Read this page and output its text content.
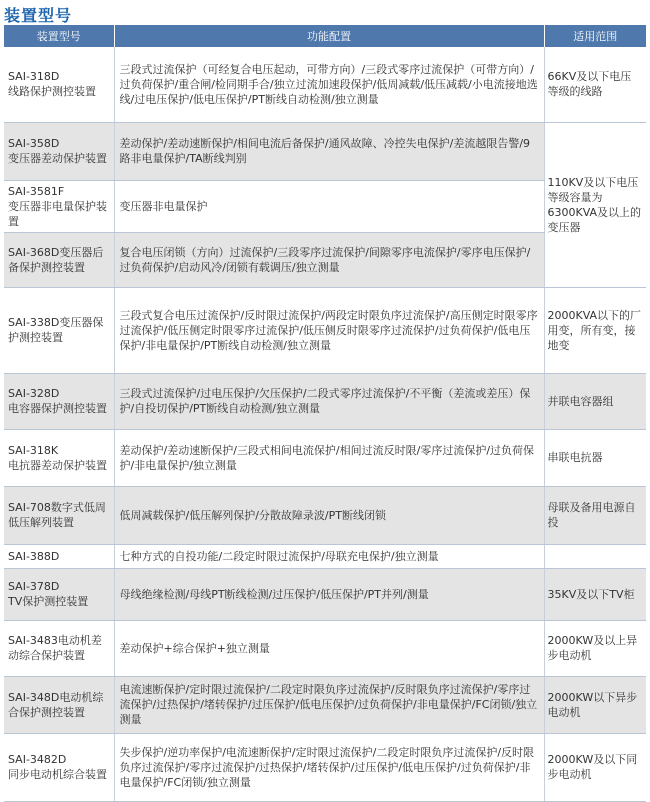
装置型号
装置型号	功能配置	适用范围
SAI-318D
线路保护测控装置	三段式过流保护（可经复合电压起动，可带方向）/三段式零序过流保护（可带方向）/过负荷保护/重合闸/检同期手合/独立过流加速段保护/低周减载/低压减载/小电流接地选线/过电压保护/低电压保护/PT断线自动检测/独立测量	66KV及以下电压等级的线路
SAI-358D
变压器差动保护装置	差动保护/差动速断保护/相间电流后备保护/通风故障、冷控失电保护/差流越限告警/9路非电量保护/TA断线判别	110KV及以下电压等级容量为6300KVA及以上的变压器
SAI-3581F
变压器非电量保护装置	变压器非电量保护	
SAI-368D变压器后备保护测控装置	复合电压闭锁（方向）过流保护/三段零序过流保护/间隙零序电流保护/零序电压保护/过负荷保护/启动风冷/闭锁有载调压/独立测量	
SAI-338D变压器保护测控装置	三段式复合电压过流保护/反时限过流保护/两段定时限负序过流保护/高压侧定时限零序过流保护/低压侧定时限零序过流保护/低压侧反时限零序过流保护/过负荷保护/低电压保护/非电量保护/PT断线自动检测/独立测量	2000KVA以下的厂用变，所有变，接地变
SAI-328D
电容器保护测控装置	三段式过流保护/过电压保护/欠压保护/二段式零序过流保护/不平衡（差流或差压）保护/自投切保护/PT断线自动检测/独立测量	并联电容器组
SAI-318K
电抗器差动保护装置	差动保护/差动速断保护/三段式相间电流保护/相间过流反时限/零序过流保护/过负荷保护/非电量保护/独立测量	串联电抗器
SAI-708数字式低周低压解列装置	低周减载保护/低压解列保护/分散故障录波/PT断线闭锁	母联及备用电源自投
SAI-388D	七种方式的自投功能/二段定时限过流保护/母联充电保护/独立测量	
SAI-378D
TV保护测控装置	母线绝缘检测/母线PT断线检测/过压保护/低压保护/PT并列/测量	35KV及以下TV柜
SAI-3483电动机差动综合保护装置	差动保护+综合保护+独立测量	2000KW及以上异步电动机
SAI-348D电动机综合保护测控装置	电流速断保护/定时限过流保护/二段定时限负序过流保护/反时限负序过流保护/零序过流保护/过热保护/堵转保护/过压保护/低电压保护/过负荷保护/非电量保护/FC闭锁/独立测量	2000KW以下异步电动机
SAI-3482D
同步电动机综合装置	失步保护/逆功率保护/电流速断保护/定时限过流保护/二段定时限负序过流保护/反时限负序过流保护/零序过流保护/过热保护/堵转保护/过压保护/低电压保护/过负荷保护/非电量保护/FC闭锁/独立测量	2000KW及以下同步电动机
